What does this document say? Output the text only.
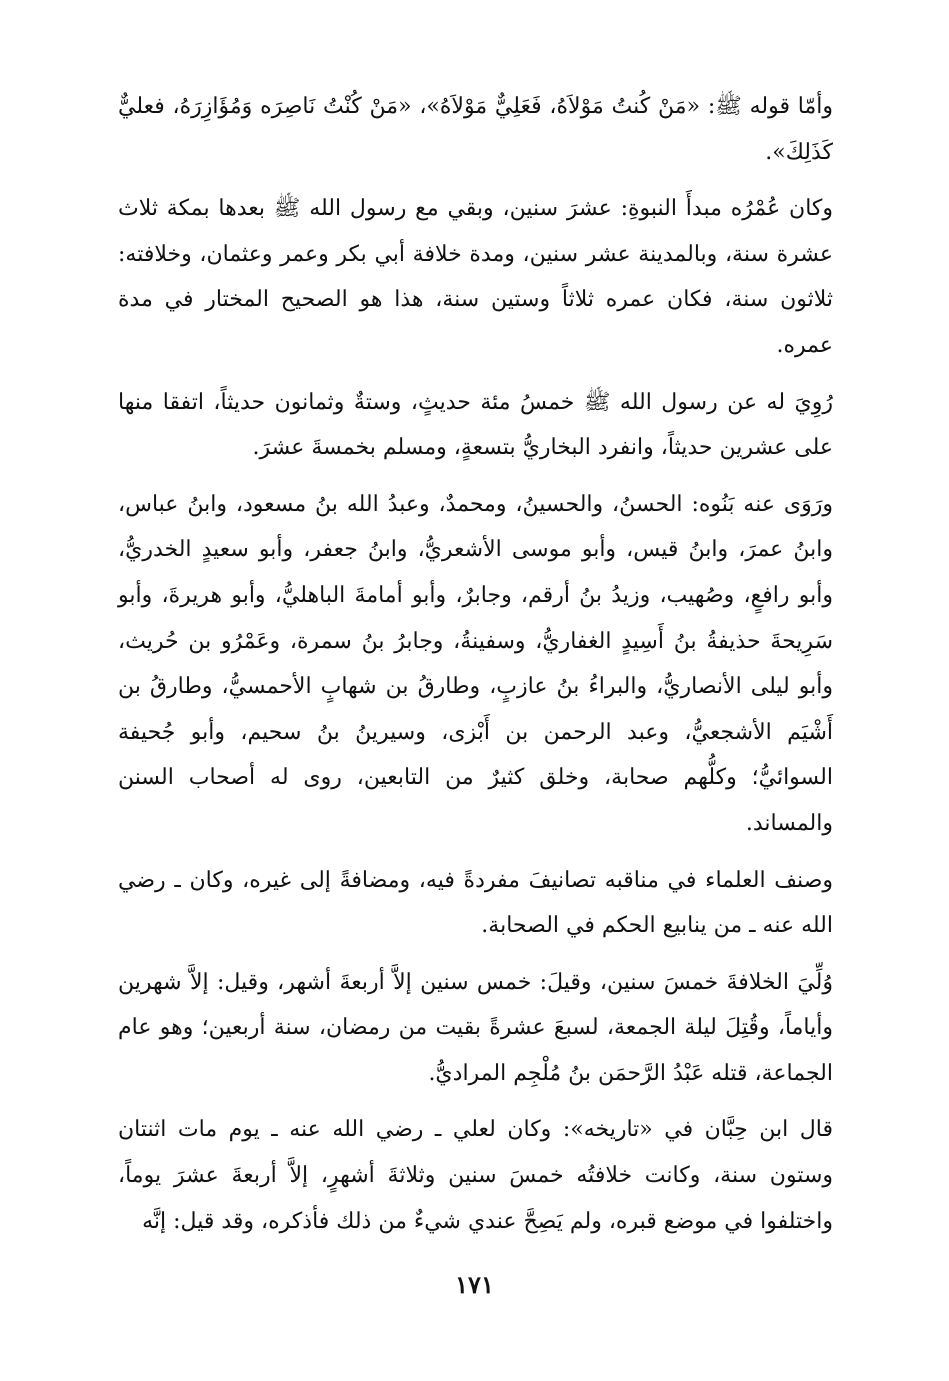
وأمّا قوله ﷺ: «مَنْ كُنتُ مَوْلاَهُ، فَعَلِيٌّ مَوْلاَهُ»، «مَنْ كُنْتُ نَاصِرَه وَمُؤَازِرَهُ، فعليٌّ كَذَلِكَ».

وكان عُمْرُه مبدأَ النبوةِ: عشرَ سنين، وبقي مع رسول الله ﷺ بعدها بمكة ثلاث عشرة سنة، وبالمدينة عشر سنين، ومدة خلافة أبي بكر وعمر وعثمان، وخلافته: ثلاثون سنة، فكان عمره ثلاثاً وستين سنة، هذا هو الصحيح المختار في مدة عمره.

رُوِيَ له عن رسول الله ﷺ خمسُ مئة حديثٍ، وستةٌ وثمانون حديثاً، اتفقا منها على عشرين حديثاً، وانفرد البخاريُّ بتسعةٍ، ومسلم بخمسةَ عشرَ.

ورَوَى عنه بَنُوه: الحسنُ، والحسينُ، ومحمدٌ، وعبدُ الله بنُ مسعود، وابنُ عباس، وابنُ عمرَ، وابنُ قيس، وأبو موسى الأشعريُّ، وابنُ جعفر، وأبو سعيدٍ الخدريُّ، وأبو رافعٍ، وصُهيب، وزيدُ بنُ أرقم، وجابرٌ، وأبو أمامةَ الباهليُّ، وأبو هريرةَ، وأبو سَرِيحةَ حذيفةُ بنُ أَسِيدٍ الغفاريُّ، وسفينةُ، وجابرُ بنُ سمرة، وعَمْرُو بن حُريث، وأبو ليلى الأنصاريُّ، والبراءُ بنُ عازبٍ، وطارقُ بن شهابٍ الأحمسيُّ، وطارقُ بن أَشْيَم الأشجعيُّ، وعبد الرحمن بن أَبْزى، وسيرينُ بنُ سحيم، وأبو جُحيفة السوائيُّ؛ وكلُّهم صحابة، وخلق كثيرٌ من التابعين، روى له أصحاب السنن والمساند.

وصنف العلماء في مناقبه تصانيفَ مفردةً فيه، ومضافةً إلى غيره، وكان ـ رضي الله عنه ـ من ينابيع الحكم في الصحابة.

وُلِّيَ الخلافةَ خمسَ سنين، وقيلَ: خمس سنين إلاَّ أربعةَ أشهر، وقيل: إلاَّ شهرين وأياماً، وقُتِلَ ليلة الجمعة، لسبعَ عشرةً بقيت من رمضان، سنة أربعين؛ وهو عام الجماعة، قتله عَبْدُ الرَّحمَن بنُ مُلْجِم المراديُّ.

قال ابن حِبَّان في «تاريخه»: وكان لعلي ـ رضي الله عنه ـ يوم مات اثنتان وستون سنة، وكانت خلافتُه خمسَ سنين وثلاثةَ أشهرٍ، إلاَّ أربعةَ عشرَ يوماً، واختلفوا في موضع قبره، ولم يَصِحَّ عندي شيءٌ من ذلك فأذكره، وقد قيل: إنَّه

١٧١
